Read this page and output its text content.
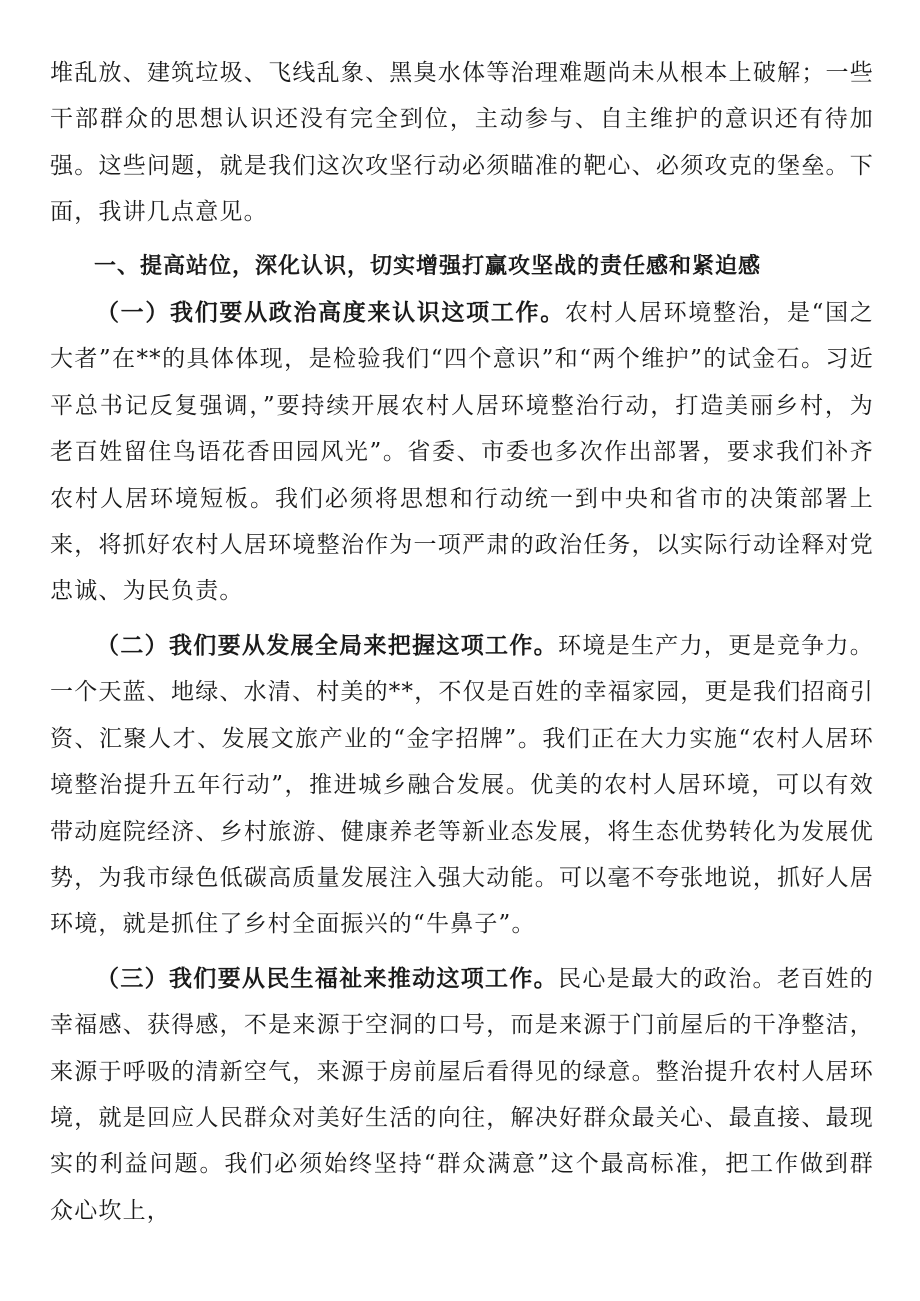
堆乱放、建筑垃圾、飞线乱象、黑臭水体等治理难题尚未从根本上破解；一些干部群众的思想认识还没有完全到位，主动参与、自主维护的意识还有待加强。这些问题，就是我们这次攻坚行动必须瞄准的靶心、必须攻克的堡垒。下面，我讲几点意见。

一、提高站位，深化认识，切实增强打赢攻坚战的责任感和紧迫感

（一）我们要从政治高度来认识这项工作。农村人居环境整治，是“国之大者”在**的具体体现，是检验我们“四个意识”和“两个维护”的试金石。习近平总书记反复强调，”要持续开展农村人居环境整治行动，打造美丽乡村，为老百姓留住鸟语花香田园风光”。省委、市委也多次作出部署，要求我们补齐农村人居环境短板。我们必须将思想和行动统一到中央和省市的决策部署上来，将抓好农村人居环境整治作为一项严肃的政治任务，以实际行动诠释对党忠诚、为民负责。

（二）我们要从发展全局来把握这项工作。环境是生产力，更是竞争力。一个天蓝、地绿、水清、村美的**，不仅是百姓的幸福家园，更是我们招商引资、汇聚人才、发展文旅产业的“金字招牌”。我们正在大力实施“农村人居环境整治提升五年行动”，推进城乡融合发展。优美的农村人居环境，可以有效带动庭院经济、乡村旅游、健康养老等新业态发展，将生态优势转化为发展优势，为我市绿色低碳高质量发展注入强大动能。可以毫不夸张地说，抓好人居环境，就是抓住了乡村全面振兴的“牛鼻子”。

（三）我们要从民生福祉来推动这项工作。民心是最大的政治。老百姓的幸福感、获得感，不是来源于空洞的口号，而是来源于门前屋后的干净整洁，来源于呼吸的清新空气，来源于房前屋后看得见的绿意。整治提升农村人居环境，就是回应人民群众对美好生活的向往，解决好群众最关心、最直接、最现实的利益问题。我们必须始终坚持“群众满意”这个最高标准，把工作做到群众心坎上，
